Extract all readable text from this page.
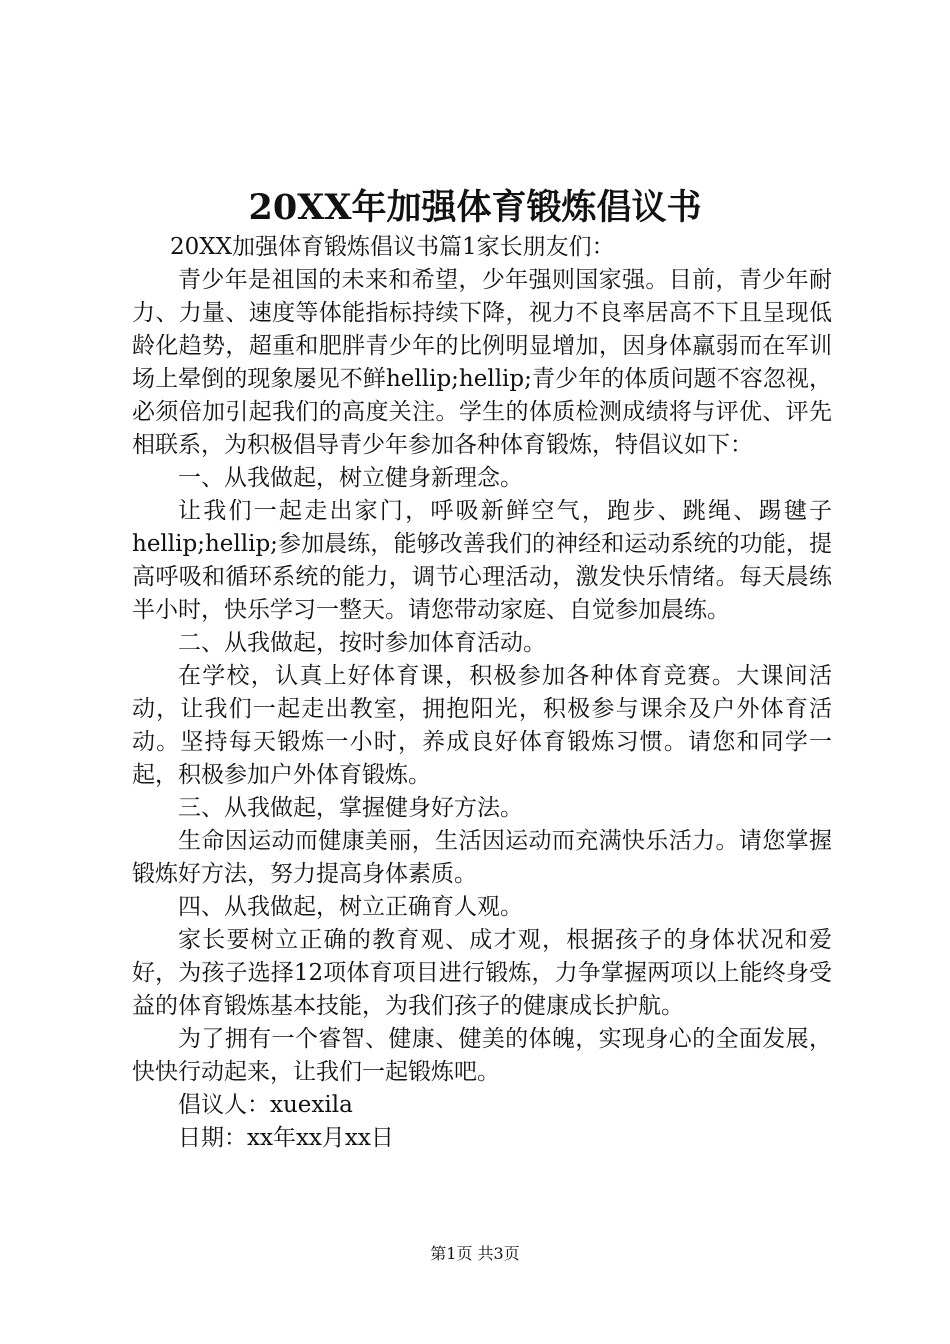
20XX年加强体育锻炼倡议书

20XX加强体育锻炼倡议书篇1家长朋友们：

青少年是祖国的未来和希望，少年强则国家强。目前，青少年耐力、力量、速度等体能指标持续下降，视力不良率居高不下且呈现低龄化趋势，超重和肥胖青少年的比例明显增加，因身体羸弱而在军训场上晕倒的现象屡见不鲜hellip;hellip;青少年的体质问题不容忽视，必须倍加引起我们的高度关注。学生的体质检测成绩将与评优、评先相联系，为积极倡导青少年参加各种体育锻炼，特倡议如下：

一、从我做起，树立健身新理念。

让我们一起走出家门，呼吸新鲜空气，跑步、跳绳、踢毽子hellip;hellip;参加晨练，能够改善我们的神经和运动系统的功能，提高呼吸和循环系统的能力，调节心理活动，激发快乐情绪。每天晨练半小时，快乐学习一整天。请您带动家庭、自觉参加晨练。

二、从我做起，按时参加体育活动。

在学校，认真上好体育课，积极参加各种体育竞赛。大课间活动，让我们一起走出教室，拥抱阳光，积极参与课余及户外体育活动。坚持每天锻炼一小时，养成良好体育锻炼习惯。请您和同学一起，积极参加户外体育锻炼。

三、从我做起，掌握健身好方法。

生命因运动而健康美丽，生活因运动而充满快乐活力。请您掌握锻炼好方法，努力提高身体素质。

四、从我做起，树立正确育人观。

家长要树立正确的教育观、成才观，根据孩子的身体状况和爱好，为孩子选择12项体育项目进行锻炼，力争掌握两项以上能终身受益的体育锻炼基本技能，为我们孩子的健康成长护航。

为了拥有一个睿智、健康、健美的体魄，实现身心的全面发展，快快行动起来，让我们一起锻炼吧。

倡议人：xuexila

日期：xx年xx月xx日

第1页 共3页
